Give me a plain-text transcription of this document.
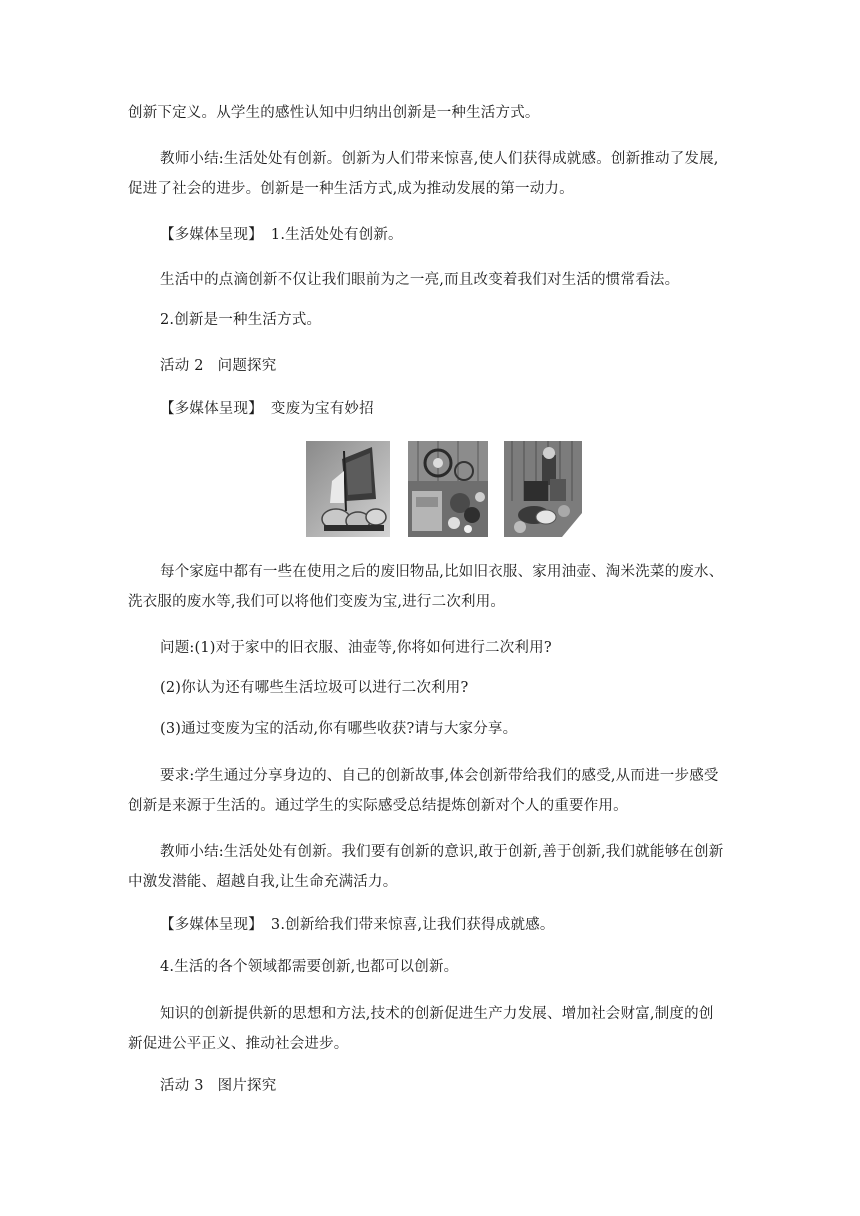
创新下定义。从学生的感性认知中归纳出创新是一种生活方式。

教师小结:生活处处有创新。创新为人们带来惊喜,使人们获得成就感。创新推动了发展,

促进了社会的进步。创新是一种生活方式,成为推动发展的第一动力。

【多媒体呈现】 1.生活处处有创新。

生活中的点滴创新不仅让我们眼前为之一亮,而且改变着我们对生活的惯常看法。

2.创新是一种生活方式。

活动 2 问题探究

【多媒体呈现】 变废为宝有妙招

每个家庭中都有一些在使用之后的废旧物品,比如旧衣服、家用油壶、淘米洗菜的废水、

洗衣服的废水等,我们可以将他们变废为宝,进行二次利用。

问题:(1)对于家中的旧衣服、油壶等,你将如何进行二次利用?

(2)你认为还有哪些生活垃圾可以进行二次利用?

(3)通过变废为宝的活动,你有哪些收获?请与大家分享。

要求:学生通过分享身边的、自己的创新故事,体会创新带给我们的感受,从而进一步感受

创新是来源于生活的。通过学生的实际感受总结提炼创新对个人的重要作用。

教师小结:生活处处有创新。我们要有创新的意识,敢于创新,善于创新,我们就能够在创新

中激发潜能、超越自我,让生命充满活力。

【多媒体呈现】 3.创新给我们带来惊喜,让我们获得成就感。

4.生活的各个领域都需要创新,也都可以创新。

知识的创新提供新的思想和方法,技术的创新促进生产力发展、增加社会财富,制度的创

新促进公平正义、推动社会进步。

活动 3 图片探究
